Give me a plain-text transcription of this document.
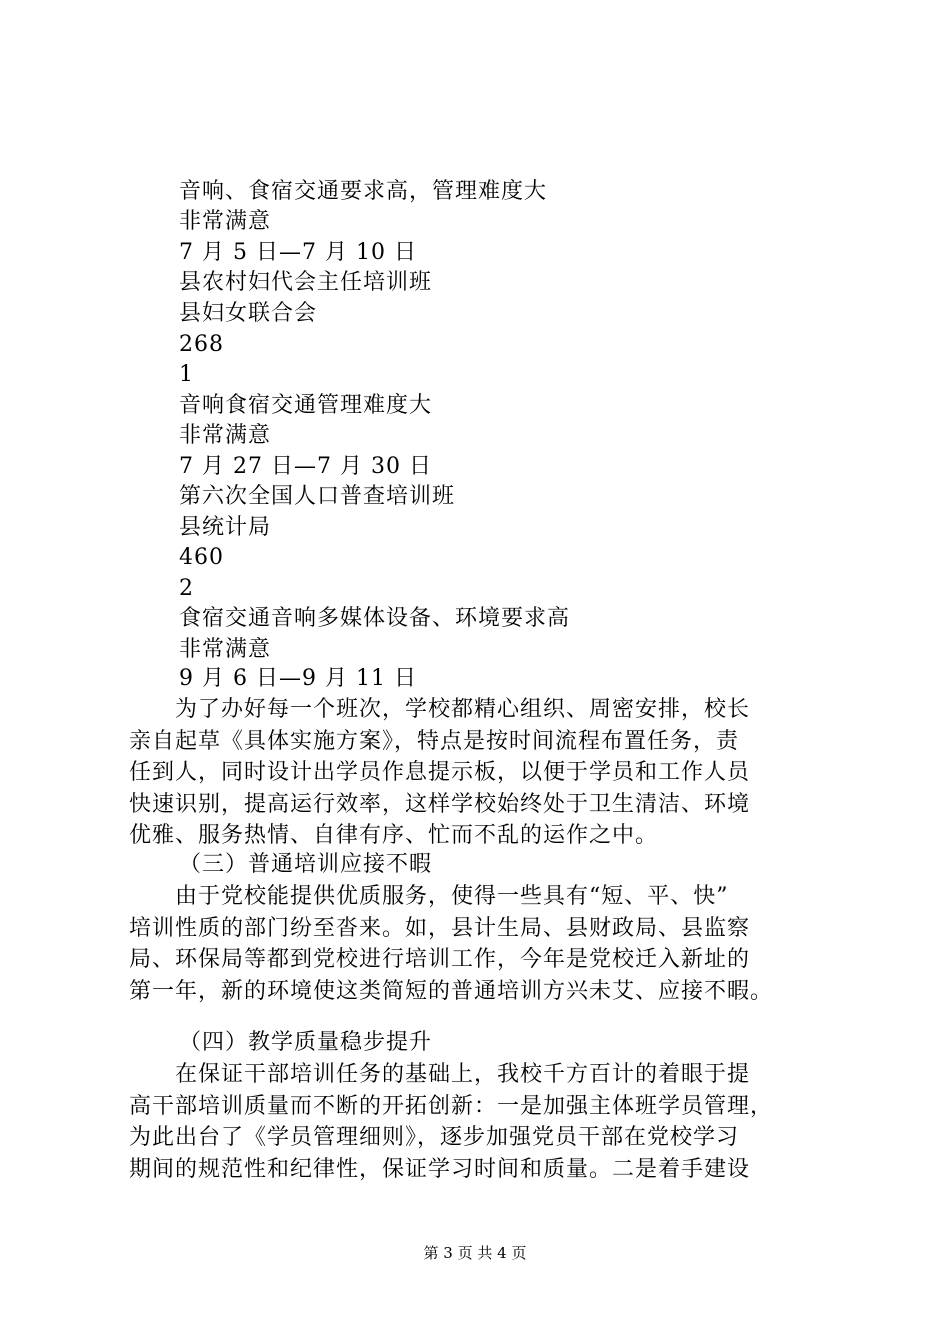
音响、食宿交通要求高，管理难度大
非常满意
7 月 5 日—7 月 10 日
县农村妇代会主任培训班
县妇女联合会
268
1
音响食宿交通管理难度大
非常满意
7 月 27 日—7 月 30 日
第六次全国人口普查培训班
县统计局
460
2
食宿交通音响多媒体设备、环境要求高
非常满意
9 月 6 日—9 月 11 日
　　为了办好每一个班次，学校都精心组织、周密安排，校长
亲自起草《具体实施方案》，特点是按时间流程布置任务，责
任到人，同时设计出学员作息提示板，以便于学员和工作人员
快速识别，提高运行效率，这样学校始终处于卫生清洁、环境
优雅、服务热情、自律有序、忙而不乱的运作之中。
（三）普通培训应接不暇
　　由于党校能提供优质服务，使得一些具有“短、平、快”
培训性质的部门纷至沓来。如，县计生局、县财政局、县监察
局、环保局等都到党校进行培训工作，今年是党校迁入新址的
第一年，新的环境使这类简短的普通培训方兴未艾、应接不暇。
（四）教学质量稳步提升
　　在保证干部培训任务的基础上，我校千方百计的着眼于提
高干部培训质量而不断的开拓创新：一是加强主体班学员管理，
为此出台了《学员管理细则》，逐步加强党员干部在党校学习
期间的规范性和纪律性，保证学习时间和质量。二是着手建设
第 3 页 共 4 页
